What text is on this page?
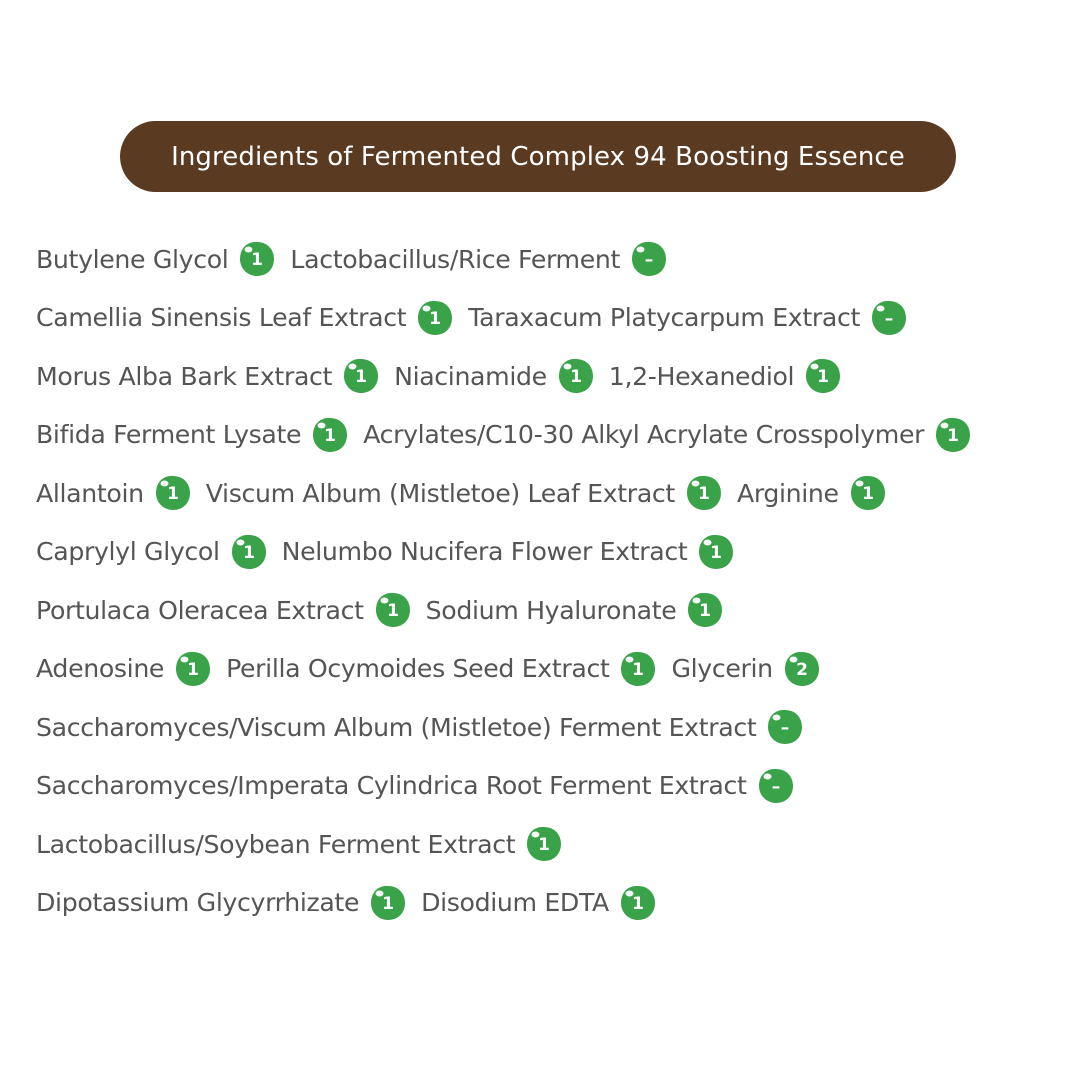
Ingredients of Fermented Complex 94 Boosting Essence
Butylene Glycol 1 Lactobacillus/Rice Ferment –
Camellia Sinensis Leaf Extract 1 Taraxacum Platycarpum Extract –
Morus Alba Bark Extract 1 Niacinamide 1 1,2-Hexanediol 1
Bifida Ferment Lysate 1 Acrylates/C10-30 Alkyl Acrylate Crosspolymer 1
Allantoin 1 Viscum Album (Mistletoe) Leaf Extract 1 Arginine 1
Caprylyl Glycol 1 Nelumbo Nucifera Flower Extract 1
Portulaca Oleracea Extract 1 Sodium Hyaluronate 1
Adenosine 1 Perilla Ocymoides Seed Extract 1 Glycerin 2
Saccharomyces/Viscum Album (Mistletoe) Ferment Extract –
Saccharomyces/Imperata Cylindrica Root Ferment Extract –
Lactobacillus/Soybean Ferment Extract 1
Dipotassium Glycyrrhizate 1 Disodium EDTA 1
